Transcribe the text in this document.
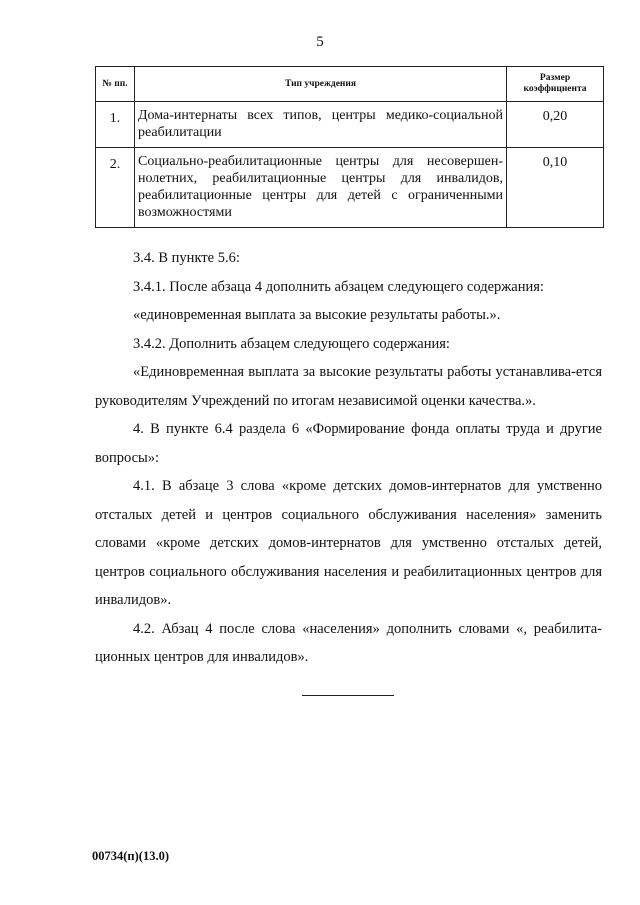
5
№ пп.	Тип учреждения	Размер коэффициента
1.	Дома-интернаты всех типов, центры медико-социальной реабилитации	0,20
2.	Социально-реабилитационные центры для несовершен-нолетних, реабилитационные центры для инвалидов, реабилитационные центры для детей с ограниченными возможностями	0,10

3.4. В пункте 5.6:

3.4.1. После абзаца 4 дополнить абзацем следующего содержания:

«единовременная выплата за высокие результаты работы.».

3.4.2. Дополнить абзацем следующего содержания:

«Единовременная выплата за высокие результаты работы устанавлива-ется руководителям Учреждений по итогам независимой оценки качества.».

4. В пункте 6.4 раздела 6 «Формирование фонда оплаты труда и другие вопросы»:

4.1. В абзаце 3 слова «кроме детских домов-интернатов для умственно отсталых детей и центров социального обслуживания населения» заменить словами «кроме детских домов-интернатов для умственно отсталых детей, центров социального обслуживания населения и реабилитационных центров для инвалидов».

4.2. Абзац 4 после слова «населения» дополнить словами «, реабилита-ционных центров для инвалидов».

00734(п)(13.0)
